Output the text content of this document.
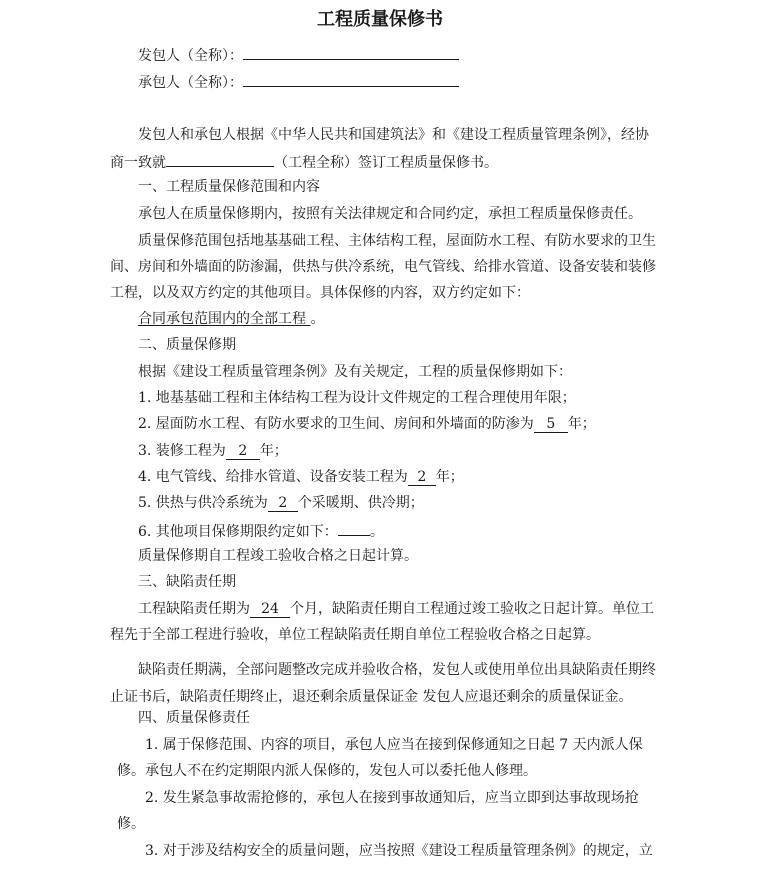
工程质量保修书
发包人（全称）：
承包人（全称）：
发包人和承包人根据《中华人民共和国建筑法》和《建设工程质量管理条例》，经协
商一致就	（工程全称）签订工程质量保修书。
一、工程质量保修范围和内容
承包人在质量保修期内，按照有关法律规定和合同约定，承担工程质量保修责任。
质量保修范围包括地基基础工程、主体结构工程，屋面防水工程、有防水要求的卫生
间、房间和外墙面的防渗漏，供热与供冷系统，电气管线、给排水管道、设备安装和装修
工程，以及双方约定的其他项目。具体保修的内容，双方约定如下：
合同承包范围内的全部工程 。
二、质量保修期
根据《建设工程质量管理条例》及有关规定，工程的质量保修期如下：
1. 地基基础工程和主体结构工程为设计文件规定的工程合理使用年限；
2. 屋面防水工程、有防水要求的卫生间、房间和外墙面的防渗为 5 年；
3. 装修工程为 2 年；
4. 电气管线、给排水管道、设备安装工程为 2 年；
5. 供热与供冷系统为 2 个采暖期、供冷期；
6. 其他项目保修期限约定如下： 。
质量保修期自工程竣工验收合格之日起计算。
三、缺陷责任期
工程缺陷责任期为 24 个月，缺陷责任期自工程通过竣工验收之日起计算。单位工
程先于全部工程进行验收，单位工程缺陷责任期自单位工程验收合格之日起算。
缺陷责任期满，全部问题整改完成并验收合格，发包人或使用单位出具缺陷责任期终
止证书后，缺陷责任期终止，退还剩余质量保证金 发包人应退还剩余的质量保证金。
四、质量保修责任
1. 属于保修范围、内容的项目，承包人应当在接到保修通知之日起 7 天内派人保
修。承包人不在约定期限内派人保修的，发包人可以委托他人修理。
2. 发生紧急事故需抢修的，承包人在接到事故通知后，应当立即到达事故现场抢
修。
3. 对于涉及结构安全的质量问题，应当按照《建设工程质量管理条例》的规定，立
